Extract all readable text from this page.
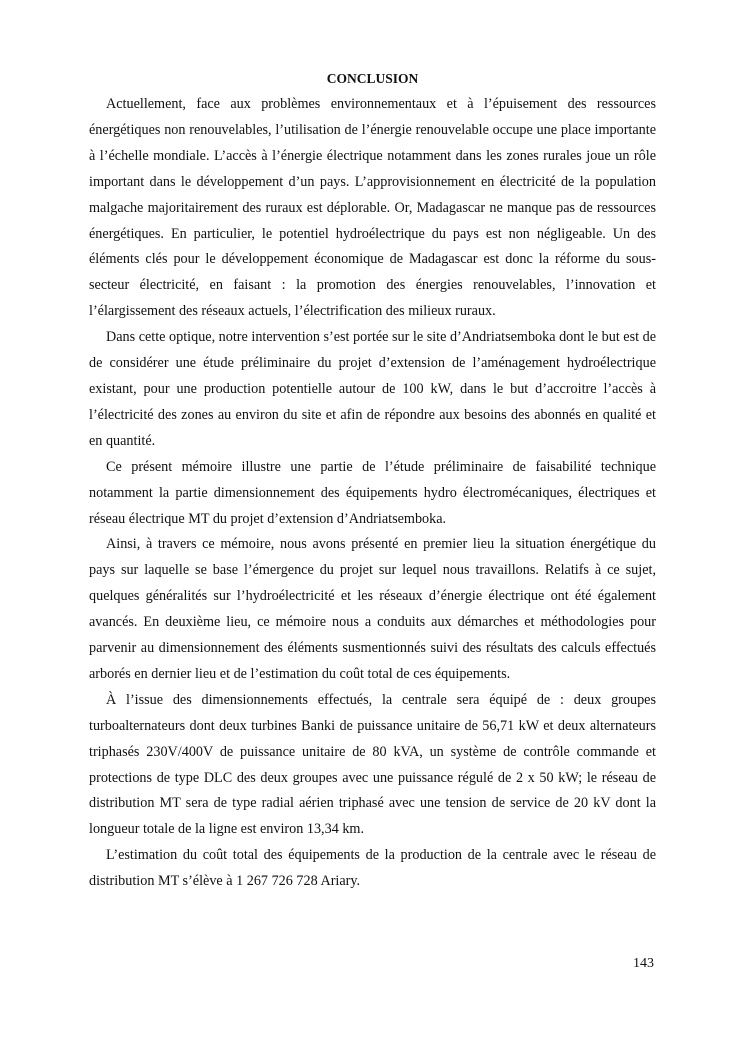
CONCLUSION

Actuellement, face aux problèmes environnementaux et à l’épuisement des ressources énergétiques non renouvelables, l’utilisation de l’énergie renouvelable occupe une place importante à l’échelle mondiale. L’accès à l’énergie électrique notamment dans les zones rurales joue un rôle important dans le développement d’un pays. L’approvisionnement en électricité de la population malgache majoritairement des ruraux est déplorable. Or, Madagascar ne manque pas de ressources énergétiques. En particulier, le potentiel hydroélectrique du pays est non négligeable. Un des éléments clés pour le développement économique de Madagascar est donc la réforme du sous-secteur électricité, en faisant : la promotion des énergies renouvelables, l’innovation et l’élargissement des réseaux actuels, l’électrification des milieux ruraux.

Dans cette optique, notre intervention s’est portée sur le site d’Andriatsemboka dont le but est de de considérer une étude préliminaire du projet d’extension de l’aménagement hydroélectrique existant, pour une production potentielle autour de 100 kW, dans le but d’accroitre l’accès à l’électricité des zones au environ du site et afin de répondre aux besoins des abonnés en qualité et en quantité.

Ce présent mémoire illustre une partie de l’étude préliminaire de faisabilité technique notamment la partie dimensionnement des équipements hydro électromécaniques, électriques et réseau électrique MT du projet d’extension d’Andriatsemboka.

Ainsi, à travers ce mémoire, nous avons présenté en premier lieu la situation énergétique du pays sur laquelle se base l’émergence du projet sur lequel nous travaillons. Relatifs à ce sujet, quelques généralités sur l’hydroélectricité et les réseaux d’énergie électrique ont été également avancés. En deuxième lieu, ce mémoire nous a conduits aux démarches et méthodologies pour parvenir au dimensionnement des éléments susmentionnés suivi des résultats des calculs effectués arborés en dernier lieu et de l’estimation du coût total de ces équipements.

À l’issue des dimensionnements effectués, la centrale sera équipé de : deux groupes turboalternateurs dont deux turbines Banki de puissance unitaire de 56,71 kW et deux alternateurs triphasés 230V/400V de puissance unitaire de 80 kVA, un système de contrôle commande et protections de type DLC des deux groupes avec une puissance régulé de 2 x 50 kW; le réseau de distribution MT sera de type radial aérien triphasé avec une tension de service de 20 kV dont la longueur totale de la ligne est environ 13,34 km.

L’estimation du coût total des équipements de la production de la centrale avec le réseau de distribution MT s’élève à 1 267 726 728 Ariary.

143
